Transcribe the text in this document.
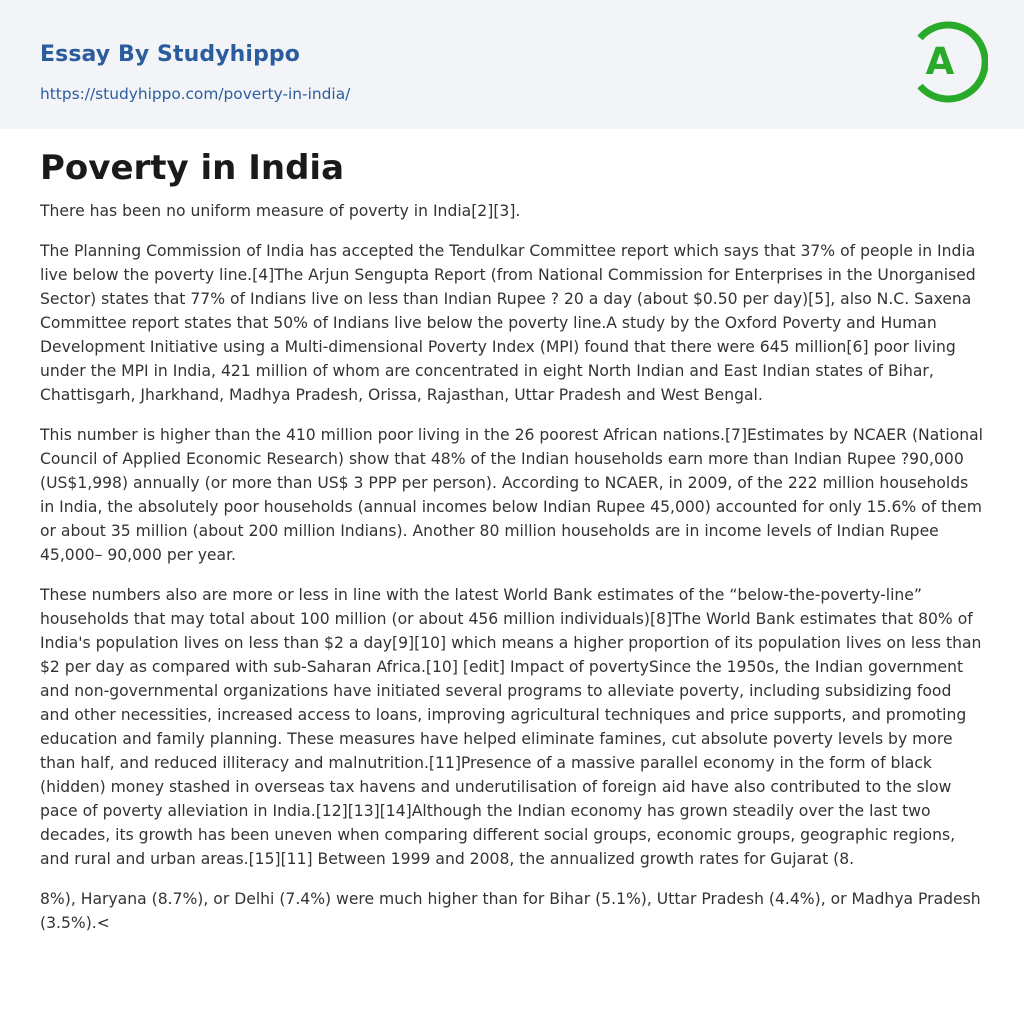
Essay By Studyhippo
https://studyhippo.com/poverty-in-india/
A
Poverty in India

There has been no uniform measure of poverty in India[2][3].

The Planning Commission of India has accepted the Tendulkar Committee report which says that 37% of people in India live below the poverty line.[4]The Arjun Sengupta Report (from National Commission for Enterprises in the Unorganised Sector) states that 77% of Indians live on less than Indian Rupee ? 20 a day (about $0.50 per day)[5], also N.C. Saxena Committee report states that 50% of Indians live below the poverty line.A study by the Oxford Poverty and Human Development Initiative using a Multi-dimensional Poverty Index (MPI) found that there were 645 million[6] poor living under the MPI in India, 421 million of whom are concentrated in eight North Indian and East Indian states of Bihar, Chattisgarh, Jharkhand, Madhya Pradesh, Orissa, Rajasthan, Uttar Pradesh and West Bengal.

This number is higher than the 410 million poor living in the 26 poorest African nations.[7]Estimates by NCAER (National Council of Applied Economic Research) show that 48% of the Indian households earn more than Indian Rupee ?90,000 (US$1,998) annually (or more than US$ 3 PPP per person). According to NCAER, in 2009, of the 222 million households in India, the absolutely poor households (annual incomes below Indian Rupee 45,000) accounted for only 15.6% of them or about 35 million (about 200 million Indians). Another 80 million households are in income levels of Indian Rupee 45,000– 90,000 per year.

These numbers also are more or less in line with the latest World Bank estimates of the “below-the-poverty-line” households that may total about 100 million (or about 456 million individuals)[8]The World Bank estimates that 80% of India's population lives on less than $2 a day[9][10] which means a higher proportion of its population lives on less than $2 per day as compared with sub-Saharan Africa.[10] [edit] Impact of povertySince the 1950s, the Indian government and non-governmental organizations have initiated several programs to alleviate poverty, including subsidizing food and other necessities, increased access to loans, improving agricultural techniques and price supports, and promoting education and family planning. These measures have helped eliminate famines, cut absolute poverty levels by more than half, and reduced illiteracy and malnutrition.[11]Presence of a massive parallel economy in the form of black (hidden) money stashed in overseas tax havens and underutilisation of foreign aid have also contributed to the slow pace of poverty alleviation in India.[12][13][14]Although the Indian economy has grown steadily over the last two decades, its growth has been uneven when comparing different social groups, economic groups, geographic regions, and rural and urban areas.[15][11] Between 1999 and 2008, the annualized growth rates for Gujarat (8.

8%), Haryana (8.7%), or Delhi (7.4%) were much higher than for Bihar (5.1%), Uttar Pradesh (4.4%), or Madhya Pradesh (3.5%).<
